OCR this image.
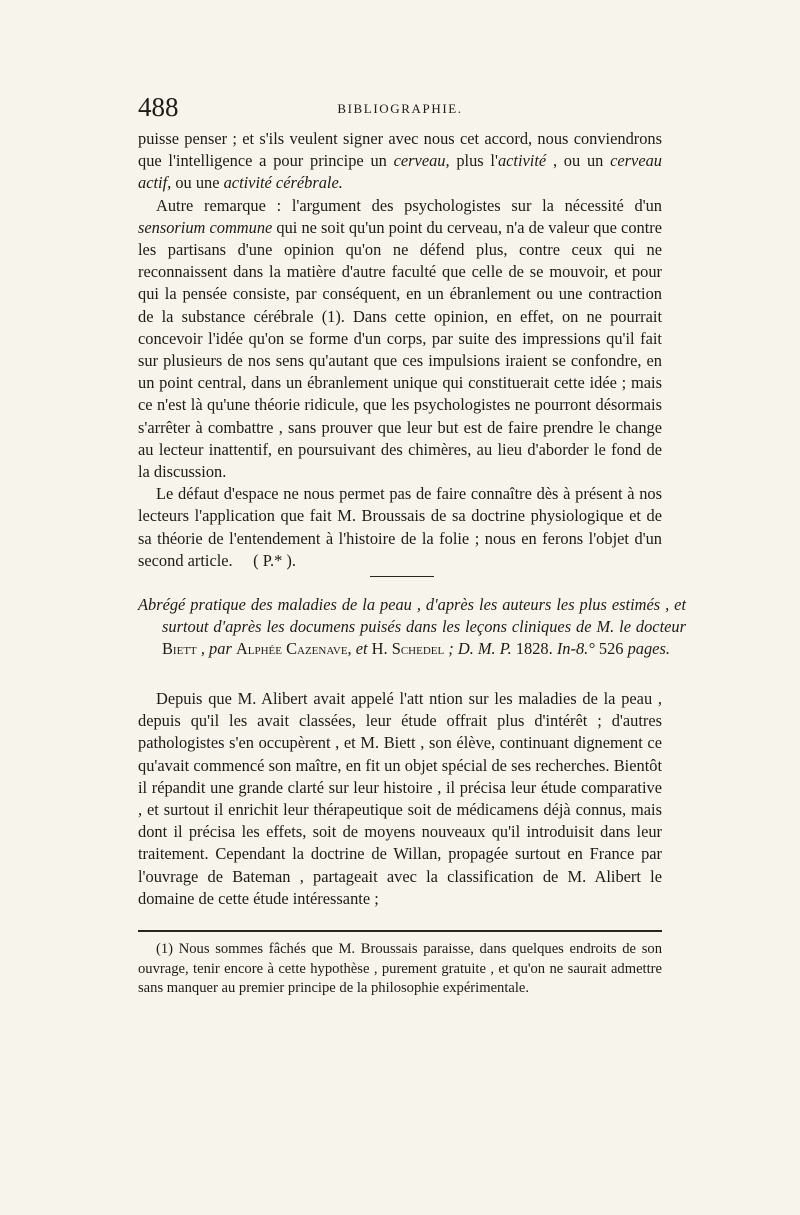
488	BIBLIOGRAPHIE.

puisse penser ; et s'ils veulent signer avec nous cet accord, nous conviendrons que l'intelligence a pour principe un cerveau, plus l'activité , ou un cerveau actif, ou une activité cérébrale.

Autre remarque : l'argument des psychologistes sur la nécessité d'un sensorium commune qui ne soit qu'un point du cerveau, n'a de valeur que contre les partisans d'une opinion qu'on ne défend plus, contre ceux qui ne reconnaissent dans la matière d'autre faculté que celle de se mouvoir, et pour qui la pensée consiste, par conséquent, en un ébranlement ou une contraction de la substance cérébrale (1). Dans cette opinion, en effet, on ne pourrait concevoir l'idée qu'on se forme d'un corps, par suite des impressions qu'il fait sur plusieurs de nos sens qu'autant que ces impulsions iraient se confondre, en un point central, dans un ébranlement unique qui constituerait cette idée ; mais ce n'est là qu'une théorie ridicule, que les psychologistes ne pourront désormais s'arrêter à combattre , sans prouver que leur but est de faire prendre le change au lecteur inattentif, en poursuivant des chimères, au lieu d'aborder le fond de la discussion.

Le défaut d'espace ne nous permet pas de faire connaître dès à présent à nos lecteurs l'application que fait M. Broussais de sa doctrine physiologique et de sa théorie de l'entendement à l'histoire de la folie ; nous en ferons l'objet d'un second article. ( P.* ).

Abrégé pratique des maladies de la peau , d'après les auteurs les plus estimés , et surtout d'après les documens puisés dans les leçons cliniques de M. le docteur Biett , par Alphée Cazenave, et H. Schedel ; D. M. P. 1828. In-8.° 526 pages.

Depuis que M. Alibert avait appelé l'att ntion sur les maladies de la peau , depuis qu'il les avait classées, leur étude offrait plus d'intérêt ; d'autres pathologistes s'en occupèrent , et M. Biett , son élève, continuant dignement ce qu'avait commencé son maître, en fit un objet spécial de ses recherches. Bientôt il répandit une grande clarté sur leur histoire , il précisa leur étude comparative , et surtout il enrichit leur thérapeutique soit de médicamens déjà connus, mais dont il précisa les effets, soit de moyens nouveaux qu'il introduisit dans leur traitement. Cependant la doctrine de Willan, propagée surtout en France par l'ouvrage de Bateman , partageait avec la classification de M. Alibert le domaine de cette étude intéressante ;

(1) Nous sommes fâchés que M. Broussais paraisse, dans quelques endroits de son ouvrage, tenir encore à cette hypothèse , purement gratuite , et qu'on ne saurait admettre sans manquer au premier principe de la philosophie expérimentale.
